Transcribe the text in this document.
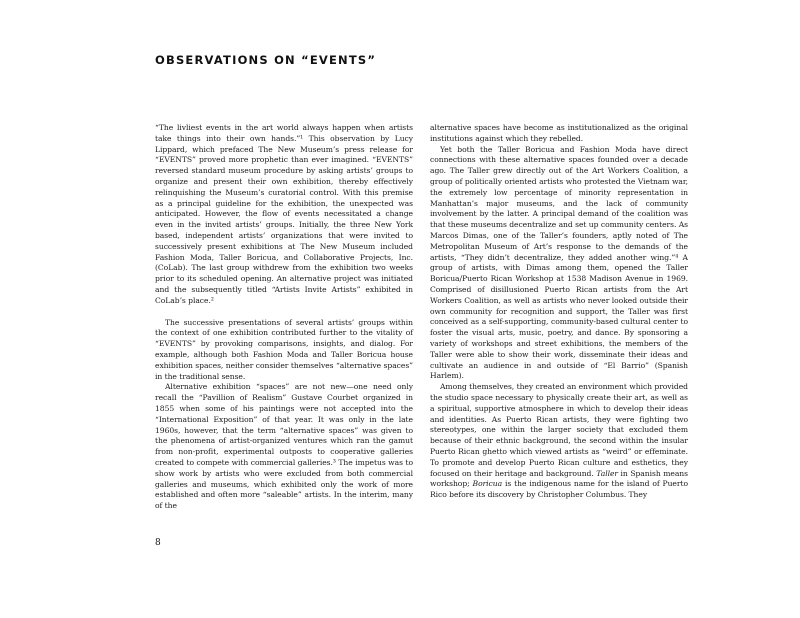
OBSERVATIONS ON “EVENTS”

“The livliest events in the art world always happen when artists take things into their own hands.”¹ This observation by Lucy Lippard, which prefaced The New Museum’s press release for “EVENTS” proved more prophetic than ever imagined. “EVENTS” reversed standard museum procedure by asking artists’ groups to organize and present their own exhibition, thereby effectively relinquishing the Museum’s curatorial control. With this premise as a principal guideline for the exhibition, the unexpected was anticipated. However, the flow of events necessitated a change even in the invited artists’ groups. Initially, the three New York based, independent artists’ organizations that were invited to successively present exhibitions at The New Museum included Fashion Moda, Taller Boricua, and Collaborative Projects, Inc. (CoLab). The last group withdrew from the exhibition two weeks prior to its scheduled opening. An alternative project was initiated and the subsequently titled “Artists Invite Artists” exhibited in CoLab’s place.²

The successive presentations of several artists’ groups within the context of one exhibition contributed further to the vitality of “EVENTS” by provoking comparisons, insights, and dialog. For example, although both Fashion Moda and Taller Boricua house exhibition spaces, neither consider themselves “alternative spaces” in the traditional sense.

Alternative exhibition “spaces” are not new—one need only recall the “Pavillion of Realism” Gustave Courbet organized in 1855 when some of his paintings were not accepted into the “International Exposition” of that year. It was only in the late 1960s, however, that the term “alternative spaces” was given to the phenomena of artist-organized ventures which ran the gamut from non-profit, experimental outposts to cooperative galleries created to compete with commercial galleries.³ The impetus was to show work by artists who were excluded from both commercial galleries and museums, which exhibited only the work of more established and often more “saleable” artists. In the interim, many of the

alternative spaces have become as institutionalized as the original institutions against which they rebelled.

Yet both the Taller Boricua and Fashion Moda have direct connections with these alternative spaces founded over a decade ago. The Taller grew directly out of the Art Workers Coalition, a group of politically oriented artists who protested the Vietnam war, the extremely low percentage of minority representation in Manhattan’s major museums, and the lack of community involvement by the latter. A principal demand of the coalition was that these museums decentralize and set up community centers. As Marcos Dimas, one of the Taller’s founders, aptly noted of The Metropolitan Museum of Art’s response to the demands of the artists, “They didn’t decentralize, they added another wing.”⁴ A group of artists, with Dimas among them, opened the Taller Boricua/Puerto Rican Workshop at 1538 Madison Avenue in 1969. Comprised of disillusioned Puerto Rican artists from the Art Workers Coalition, as well as artists who never looked outside their own community for recognition and support, the Taller was first conceived as a self-supporting, community-based cultural center to foster the visual arts, music, poetry, and dance. By sponsoring a variety of workshops and street exhibitions, the members of the Taller were able to show their work, disseminate their ideas and cultivate an audience in and outside of “El Barrio” (Spanish Harlem).

Among themselves, they created an environment which provided the studio space necessary to physically create their art, as well as a spiritual, supportive atmosphere in which to develop their ideas and identities. As Puerto Rican artists, they were fighting two stereotypes, one within the larger society that excluded them because of their ethnic background, the second within the insular Puerto Rican ghetto which viewed artists as “weird” or effeminate. To promote and develop Puerto Rican culture and esthetics, they focused on their heritage and background. Taller in Spanish means workshop; Boricua is the indigenous name for the island of Puerto Rico before its discovery by Christopher Columbus. They

8
